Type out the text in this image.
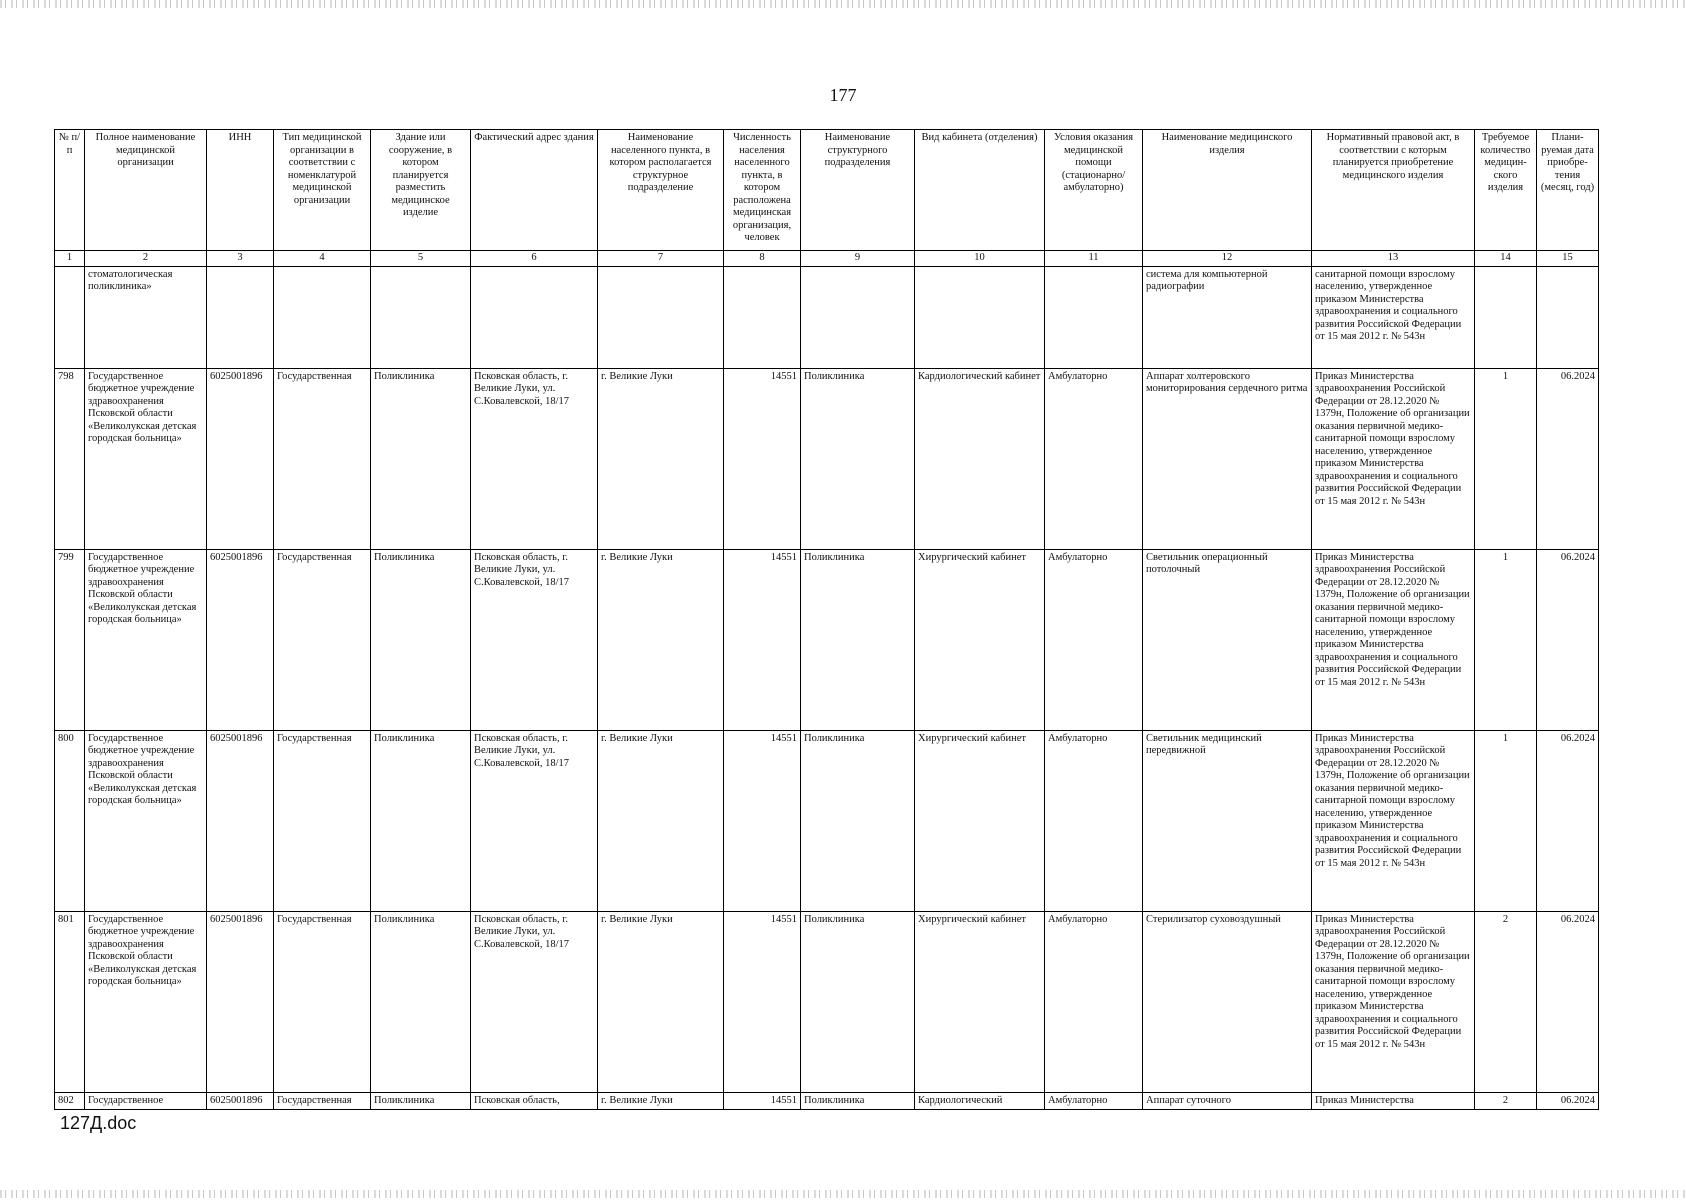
177
№ п/п	Полное наименование медицинской организации	ИНН	Тип медицинской организации в соответствии с номенклатурой медицинской организации	Здание или сооружение, в котором планируется разместить медицинское изделие	Фактический адрес здания	Наименование населенного пункта, в котором располагается структурное подразделение	Численность населения населенного пункта, в котором расположена медицинская организация, человек	Наименование структурного подразделения	Вид кабинета (отделения)	Условия оказания медицинской помощи (стационарно/ амбулаторно)	Наименование медицинского изделия	Нормативный правовой акт, в соответствии с которым планируется приобретение медицинского изделия	Требуемое количество медицин-ского изделия	Плани-руемая дата приобре-тения (месяц, год)
1	2	3	4	5	6	7	8	9	10	11	12	13	14	15
	стоматологическая поликлиника»										система для компьютерной радиографии	санитарной помощи взрослому населению, утвержденное приказом Министерства здравоохранения и социального развития Российской Федерации от 15 мая 2012 г. № 543н		
798	Государственное бюджетное учреждение здравоохранения Псковской области «Великолукская детская городская больница»	6025001896	Государственная	Поликлиника	Псковская область, г. Великие Луки, ул. С.Ковалевской, 18/17	г. Великие Луки	14551	Поликлиника	Кардиологический кабинет	Амбулаторно	Аппарат холтеровского мониторирования сердечного ритма	Приказ Министерства здравоохранения Российской Федерации от 28.12.2020 № 1379н, Положение об организации оказания первичной медико-санитарной помощи взрослому населению, утвержденное приказом Министерства здравоохранения и социального развития Российской Федерации от 15 мая 2012 г. № 543н	1	06.2024
799	Государственное бюджетное учреждение здравоохранения Псковской области «Великолукская детская городская больница»	6025001896	Государственная	Поликлиника	Псковская область, г. Великие Луки, ул. С.Ковалевской, 18/17	г. Великие Луки	14551	Поликлиника	Хирургический кабинет	Амбулаторно	Светильник операционный потолочный	Приказ Министерства здравоохранения Российской Федерации от 28.12.2020 № 1379н, Положение об организации оказания первичной медико-санитарной помощи взрослому населению, утвержденное приказом Министерства здравоохранения и социального развития Российской Федерации от 15 мая 2012 г. № 543н	1	06.2024
800	Государственное бюджетное учреждение здравоохранения Псковской области «Великолукская детская городская больница»	6025001896	Государственная	Поликлиника	Псковская область, г. Великие Луки, ул. С.Ковалевской, 18/17	г. Великие Луки	14551	Поликлиника	Хирургический кабинет	Амбулаторно	Светильник медицинский передвижной	Приказ Министерства здравоохранения Российской Федерации от 28.12.2020 № 1379н, Положение об организации оказания первичной медико-санитарной помощи взрослому населению, утвержденное приказом Министерства здравоохранения и социального развития Российской Федерации от 15 мая 2012 г. № 543н	1	06.2024
801	Государственное бюджетное учреждение здравоохранения Псковской области «Великолукская детская городская больница»	6025001896	Государственная	Поликлиника	Псковская область, г. Великие Луки, ул. С.Ковалевской, 18/17	г. Великие Луки	14551	Поликлиника	Хирургический кабинет	Амбулаторно	Стерилизатор суховоздушный	Приказ Министерства здравоохранения Российской Федерации от 28.12.2020 № 1379н, Положение об организации оказания первичной медико-санитарной помощи взрослому населению, утвержденное приказом Министерства здравоохранения и социального развития Российской Федерации от 15 мая 2012 г. № 543н	2	06.2024
802	Государственное	6025001896	Государственная	Поликлиника	Псковская область,	г. Великие Луки	14551	Поликлиника	Кардиологический	Амбулаторно	Аппарат суточного	Приказ Министерства	2	06.2024
127Д.doc
